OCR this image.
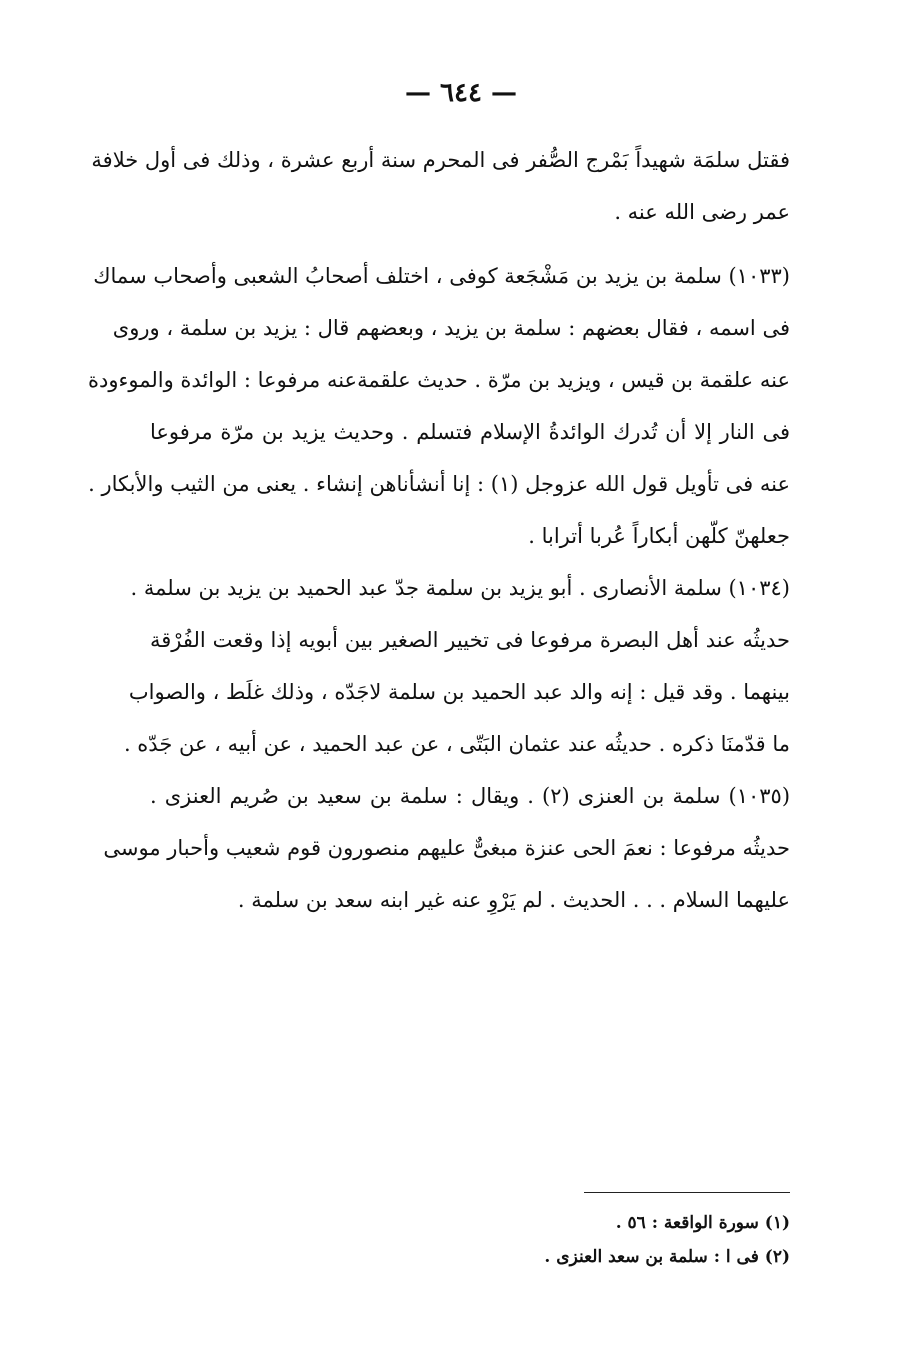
— ٦٤٤ —
فقتل سلمَة شهيداً بَمْرج الصُّفر فى المحرم سنة أربع عشرة ، وذلك فى أول خلافة
عمر رضى الله عنه .
(١٠٣٣) سلمة بن يزيد بن مَشْجَعة كوفى ، اختلف أصحابُ الشعبى وأصحاب سماك
فى اسمه ، فقال بعضهم : سلمة بن يزيد ، وبعضهم قال : يزيد بن سلمة ، وروى
عنه علقمة بن قيس ، ويزيد بن مرّة . حديث علقمةعنه مرفوعا : الوائدة والموءودة
فى النار إلا أن تُدرك الوائدةُ الإسلام فتسلم . وحديث يزيد بن مرّة مرفوعا
عنه فى تأويل قول الله عزوجل (١) : إنا أنشأناهن إنشاء . يعنى من الثيب والأبكار .
جعلهنّ كلّهن أبكاراً عُربا أترابا .
(١٠٣٤) سلمة الأنصارى . أبو يزيد بن سلمة جدّ عبد الحميد بن يزيد بن سلمة .
حديثُه عند أهل البصرة مرفوعا فى تخيير الصغير بين أبويه إذا وقعت الفُرْقة
بينهما . وقد قيل : إنه والد عبد الحميد بن سلمة لاجَدّه ، وذلك غلَط ، والصواب
ما قدّمنَا ذكره . حديثُه عند عثمان البَتّى ، عن عبد الحميد ، عن أبيه ، عن جَدّه .
(١٠٣٥) سلمة بن العنزى (٢) . ويقال : سلمة بن سعيد بن صُريم العنزى .
حديثُه مرفوعا : نعمَ الحى عنزة مبغىٌّ عليهم منصورون قوم شعيب وأحبار موسى
عليهما السلام . . . الحديث . لم يَرْوِ عنه غير ابنه سعد بن سلمة .
(١) سورة الواقعة : ٥٦ .
(٢) فى ا : سلمة بن سعد العنزى .
